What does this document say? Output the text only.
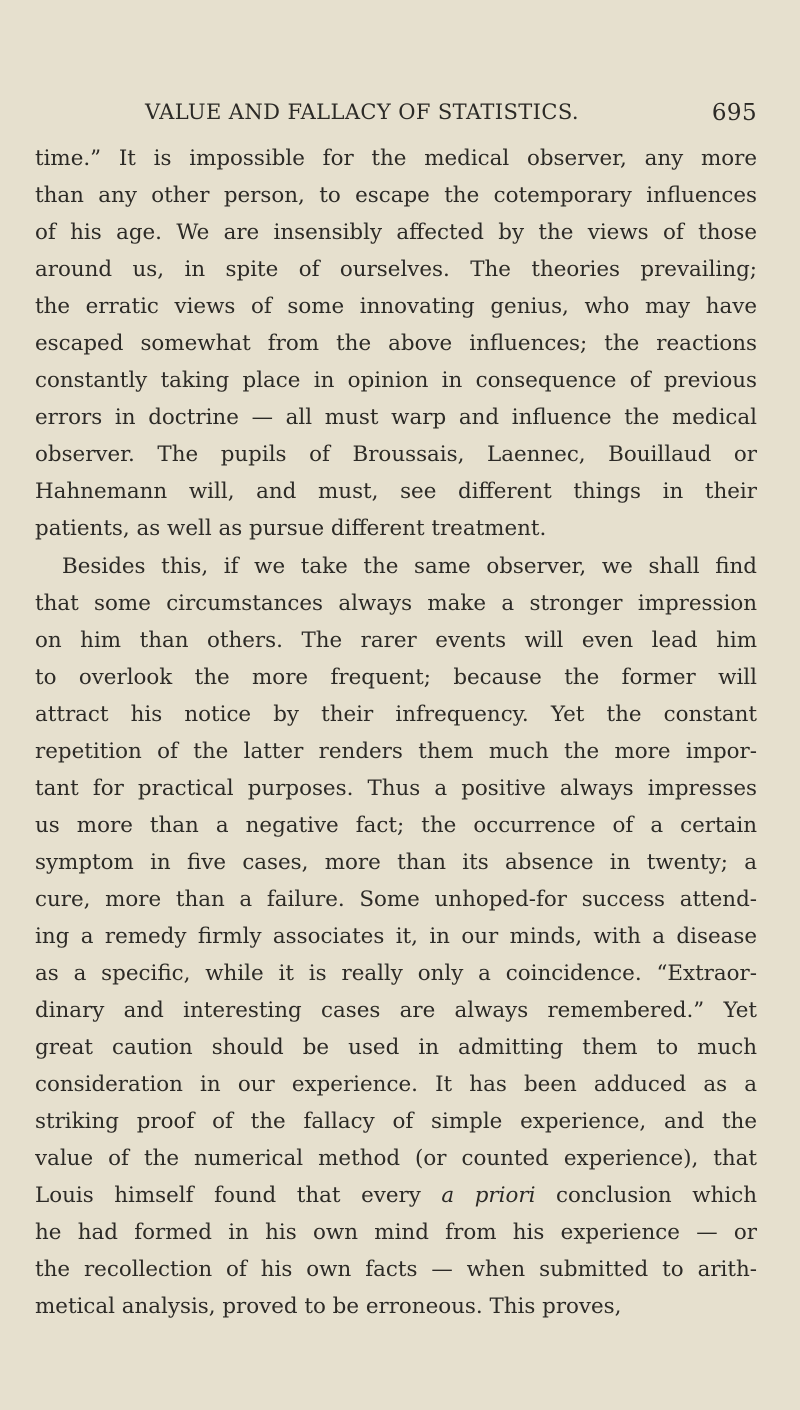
VALUE AND FALLACY OF STATISTICS.	695
time.” It is impossible for the medical observer, any more
than any other person, to escape the cotemporary influences
of his age. We are insensibly affected by the views of those
around us, in spite of ourselves. The theories prevailing;
the erratic views of some innovating genius, who may have
escaped somewhat from the above influences; the reactions
constantly taking place in opinion in consequence of previous
errors in doctrine — all must warp and influence the medical
observer. The pupils of Broussais, Laennec, Bouillaud or
Hahnemann will, and must, see different things in their
patients, as well as pursue different treatment.
Besides this, if we take the same observer, we shall find
that some circumstances always make a stronger impression
on him than others. The rarer events will even lead him
to overlook the more frequent; because the former will
attract his notice by their infrequency. Yet the constant
repetition of the latter renders them much the more impor-
tant for practical purposes. Thus a positive always impresses
us more than a negative fact; the occurrence of a certain
symptom in five cases, more than its absence in twenty; a
cure, more than a failure. Some unhoped-for success attend-
ing a remedy firmly associates it, in our minds, with a disease
as a specific, while it is really only a coincidence. “Extraor-
dinary and interesting cases are always remembered.” Yet
great caution should be used in admitting them to much
consideration in our experience. It has been adduced as a
striking proof of the fallacy of simple experience, and the
value of the numerical method (or counted experience), that
Louis himself found that every a priori conclusion which
he had formed in his own mind from his experience — or
the recollection of his own facts — when submitted to arith-
metical analysis, proved to be erroneous. This proves,
